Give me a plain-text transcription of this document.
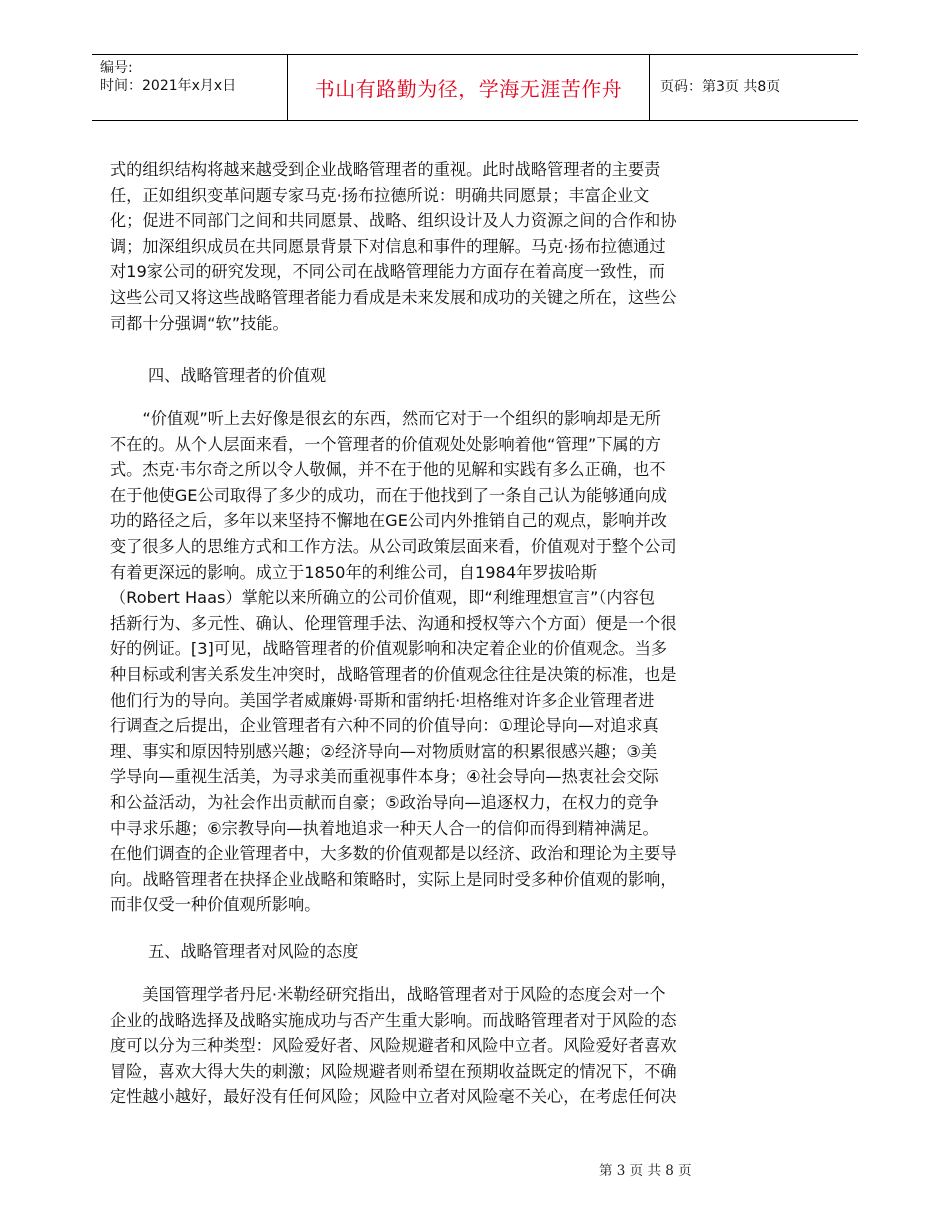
编号:
时间：2021年x月x日	书山有路勤为径，学海无涯苦作舟	页码：第3页 共8页
式的组织结构将越来越受到企业战略管理者的重视。此时战略管理者的主要责
任，正如组织变革问题专家马克·扬布拉德所说：明确共同愿景；丰富企业文
化；促进不同部门之间和共同愿景、战略、组织设计及人力资源之间的合作和协
调；加深组织成员在共同愿景背景下对信息和事件的理解。马克·扬布拉德通过
对19家公司的研究发现，不同公司在战略管理能力方面存在着高度一致性，而
这些公司又将这些战略管理者能力看成是未来发展和成功的关键之所在，这些公
司都十分强调“软”技能。
四、战略管理者的价值观
　　“价值观”听上去好像是很玄的东西，然而它对于一个组织的影响却是无所
不在的。从个人层面来看，一个管理者的价值观处处影响着他“管理”下属的方
式。杰克·韦尔奇之所以令人敬佩，并不在于他的见解和实践有多么正确，也不
在于他使GE公司取得了多少的成功，而在于他找到了一条自己认为能够通向成
功的路径之后，多年以来坚持不懈地在GE公司内外推销自己的观点，影响并改
变了很多人的思维方式和工作方法。从公司政策层面来看，价值观对于整个公司
有着更深远的影响。成立于1850年的利维公司，自1984年罗拔哈斯
（Robert Haas）掌舵以来所确立的公司价值观，即“利维理想宣言”（内容包
括新行为、多元性、确认、伦理管理手法、沟通和授权等六个方面）便是一个很
好的例证。[3]可见，战略管理者的价值观影响和决定着企业的价值观念。当多
种目标或利害关系发生冲突时，战略管理者的价值观念往往是决策的标准，也是
他们行为的导向。美国学者威廉姆·哥斯和雷纳托·坦格维对许多企业管理者进
行调查之后提出，企业管理者有六种不同的价值导向：①理论导向—对追求真
理、事实和原因特别感兴趣；②经济导向—对物质财富的积累很感兴趣；③美
学导向—重视生活美，为寻求美而重视事件本身；④社会导向—热衷社会交际
和公益活动，为社会作出贡献而自豪；⑤政治导向—追逐权力，在权力的竞争
中寻求乐趣；⑥宗教导向—执着地追求一种天人合一的信仰而得到精神满足。
在他们调查的企业管理者中，大多数的价值观都是以经济、政治和理论为主要导
向。战略管理者在抉择企业战略和策略时，实际上是同时受多种价值观的影响，
而非仅受一种价值观所影响。
五、战略管理者对风险的态度
　　美国管理学者丹尼·米勒经研究指出，战略管理者对于风险的态度会对一个
企业的战略选择及战略实施成功与否产生重大影响。而战略管理者对于风险的态
度可以分为三种类型：风险爱好者、风险规避者和风险中立者。风险爱好者喜欢
冒险，喜欢大得大失的刺激；风险规避者则希望在预期收益既定的情况下，不确
定性越小越好，最好没有任何风险；风险中立者对风险毫不关心，在考虑任何决
第 3 页 共 8 页
